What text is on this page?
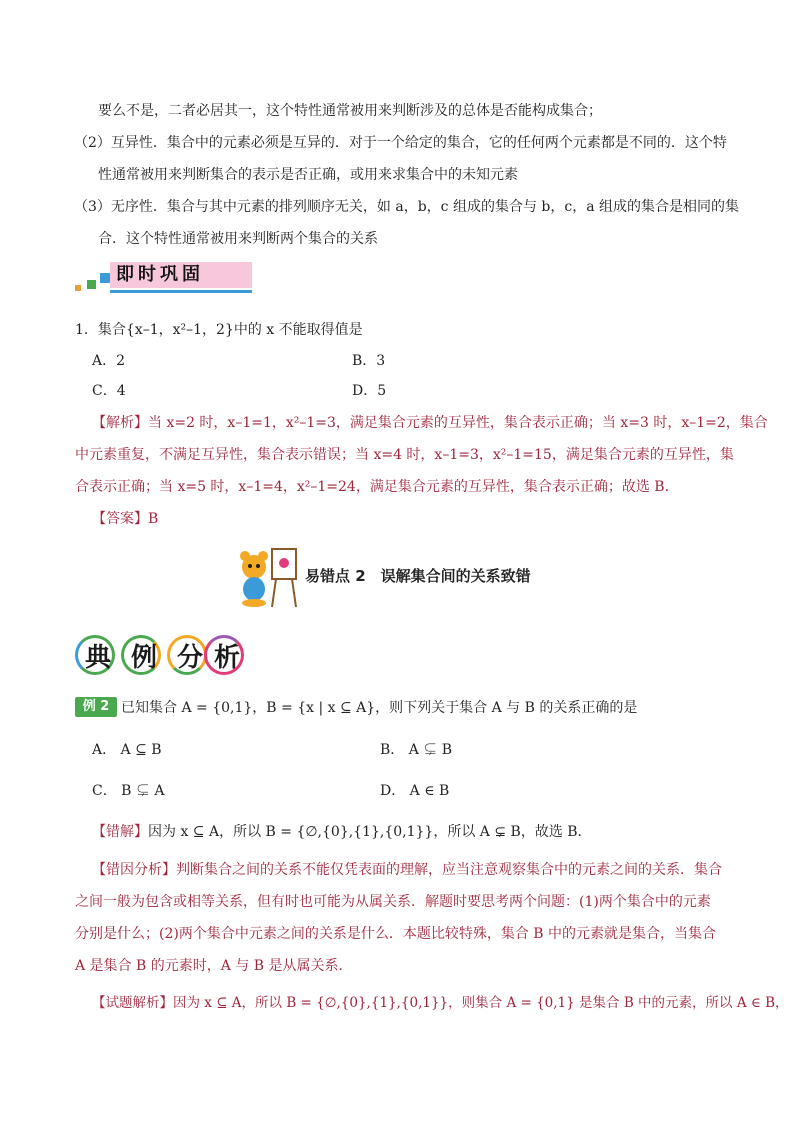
要么不是，二者必居其一，这个特性通常被用来判断涉及的总体是否能构成集合；
（2）互异性．集合中的元素必须是互异的．对于一个给定的集合，它的任何两个元素都是不同的．这个特
性通常被用来判断集合的表示是否正确，或用来求集合中的未知元素
（3）无序性．集合与其中元素的排列顺序无关，如 a，b，c 组成的集合与 b，c，a 组成的集合是相同的集
合．这个特性通常被用来判断两个集合的关系
即时巩固
1．集合{x–1，x²–1，2}中的 x 不能取得值是
A．2	B．3
C．4	D．5
【解析】当 x=2 时，x–1=1，x²–1=3，满足集合元素的互异性，集合表示正确；当 x=3 时，x–1=2，集合
中元素重复，不满足互异性，集合表示错误；当 x=4 时，x–1=3，x²–1=15，满足集合元素的互异性，集
合表示正确；当 x=5 时，x–1=4，x²–1=24，满足集合元素的互异性，集合表示正确；故选 B．
【答案】B
易错点 2　误解集合间的关系致错
典 例 分 析
例 2 已知集合 A = {0,1}，B = {x | x ⊆ A}，则下列关于集合 A 与 B 的关系正确的是
A． A ⊆ B	B． A ⊊ B
C． B ⊊ A	D． A ∈ B
【错解】因为 x ⊆ A，所以 B = {∅,{0},{1},{0,1}}，所以 A ⊊ B，故选 B．
【错因分析】判断集合之间的关系不能仅凭表面的理解，应当注意观察集合中的元素之间的关系．集合
之间一般为包含或相等关系，但有时也可能为从属关系．解题时要思考两个问题：(1)两个集合中的元素
分别是什么；(2)两个集合中元素之间的关系是什么．本题比较特殊，集合 B 中的元素就是集合，当集合
A 是集合 B 的元素时，A 与 B 是从属关系．
【试题解析】因为 x ⊆ A，所以 B = {∅,{0},{1},{0,1}}，则集合 A = {0,1} 是集合 B 中的元素，所以 A ∈ B，
